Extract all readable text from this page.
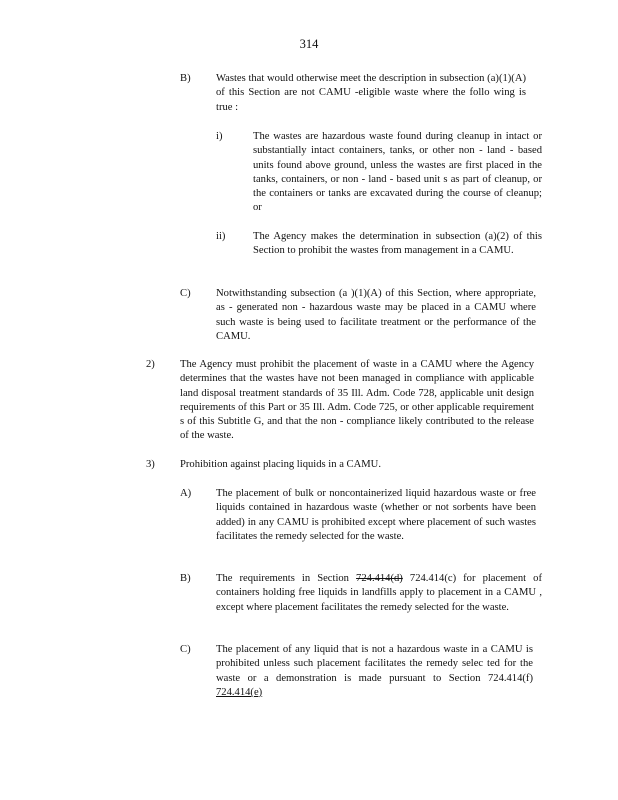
314
B) Wastes that would otherwise meet the description in subsection (a)(1)(A) of this Section are not CAMU -eligible waste where the follo wing is true :
i)	The wastes are hazardous waste found during cleanup in intact or substantially intact containers, tanks, or other non - land - based units found above ground, unless the wastes are first placed in the tanks, containers, or non - land - based unit s as part of cleanup, or the containers or tanks are excavated during the course of cleanup; or
ii)	The Agency makes the determination in subsection (a)(2) of this Section to prohibit the wastes from management in a CAMU.
C) Notwithstanding subsection (a )(1)(A) of this Section, where appropriate, as - generated non - hazardous waste may be placed in a CAMU where such waste is being used to facilitate treatment or the performance of the CAMU.
2) The Agency must prohibit the placement of waste in a CAMU where the Agency determines that the wastes have not been managed in compliance with applicable land disposal treatment standards of 35 Ill. Adm. Code 728, applicable unit design requirements of this Part or 35 Ill. Adm. Code 725, or other applicable requirement s of this Subtitle G, and that the non - compliance likely contributed to the release of the waste.
3) Prohibition against placing liquids in a CAMU.
A) The placement of bulk or noncontainerized liquid hazardous waste or free liquids contained in hazardous waste (whether or not sorbents have been added) in any CAMU is prohibited except where placement of such wastes facilitates the remedy selected for the waste.
B) The requirements in Section 724.414(d) 724.414(c) for placement of containers holding free liquids in landfills apply to placement in a CAMU , except where placement facilitates the remedy selected for the waste.
C) The placement of any liquid that is not a hazardous waste in a CAMU is prohibited unless such placement facilitates the remedy selec ted for the waste or a demonstration is made pursuant to Section 724.414(f) 724.414(e)
